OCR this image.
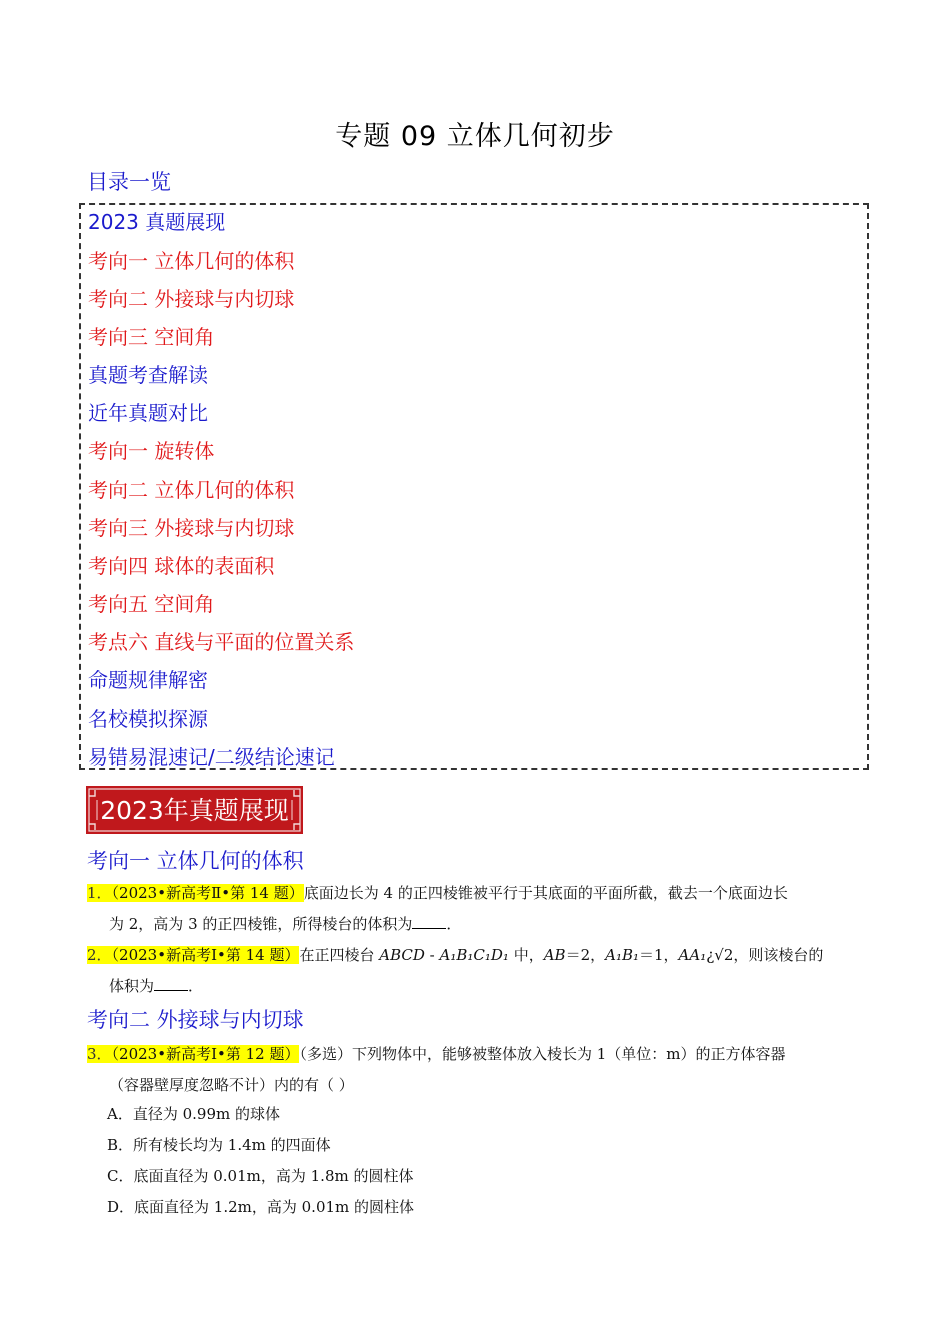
专题 09 立体几何初步
目录一览
2023 真题展现
考向一 立体几何的体积
考向二 外接球与内切球
考向三 空间角
真题考查解读
近年真题对比
考向一 旋转体
考向二 立体几何的体积
考向三 外接球与内切球
考向四 球体的表面积
考向五 空间角
考点六 直线与平面的位置关系
命题规律解密
名校模拟探源
易错易混速记/二级结论速记
2023年真题展现
考向一 立体几何的体积
1．（2023•新高考Ⅱ•第 14 题）底面边长为 4 的正四棱锥被平行于其底面的平面所截，截去一个底面边长
为 2，高为 3 的正四棱锥，所得棱台的体积为 ．
2．（2023•新高考Ⅰ•第 14 题）在正四棱台 ABCD - A₁B₁C₁D₁ 中，AB＝2，A₁B₁＝1，AA₁¿√2，则该棱台的
体积为 ．
考向二 外接球与内切球
3．（2023•新高考Ⅰ•第 12 题）（多选）下列物体中，能够被整体放入棱长为 1（单位：m）的正方体容器
（容器壁厚度忽略不计）内的有（ ）
A．直径为 0.99m 的球体
B．所有棱长均为 1.4m 的四面体
C．底面直径为 0.01m，高为 1.8m 的圆柱体
D．底面直径为 1.2m，高为 0.01m 的圆柱体
